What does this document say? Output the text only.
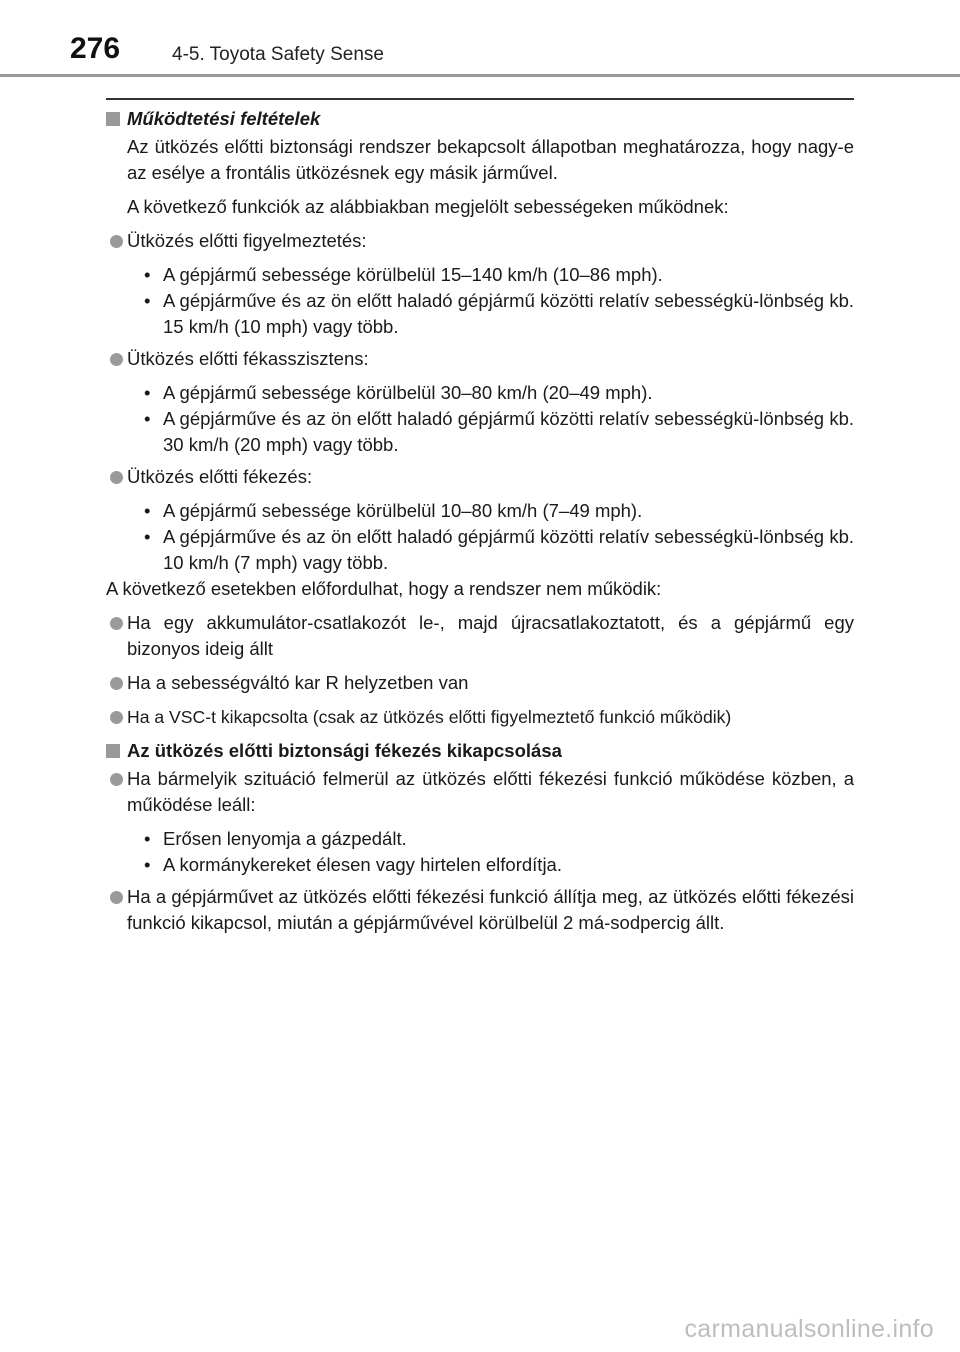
276	4-5. Toyota Safety Sense
Működtetési feltételek
Az ütközés előtti biztonsági rendszer bekapcsolt állapotban meghatározza, hogy nagy-e az esélye a frontális ütközésnek egy másik járművel.
A következő funkciók az alábbiakban megjelölt sebességeken működnek:
Ütközés előtti figyelmeztetés:
• A gépjármű sebessége körülbelül 15–140 km/h (10–86 mph).
• A gépjárműve és az ön előtt haladó gépjármű közötti relatív sebességkü-lönbség kb. 15 km/h (10 mph) vagy több.
Ütközés előtti fékasszisztens:
• A gépjármű sebessége körülbelül 30–80 km/h (20–49 mph).
• A gépjárműve és az ön előtt haladó gépjármű közötti relatív sebességkü-lönbség kb. 30 km/h (20 mph) vagy több.
Ütközés előtti fékezés:
• A gépjármű sebessége körülbelül 10–80 km/h (7–49 mph).
• A gépjárműve és az ön előtt haladó gépjármű közötti relatív sebességkü-lönbség kb. 10 km/h (7 mph) vagy több.
A következő esetekben előfordulhat, hogy a rendszer nem működik:
Ha egy akkumulátor-csatlakozót le-, majd újracsatlakoztatott, és a gépjármű egy bizonyos ideig állt
Ha a sebességváltó kar R helyzetben van
Ha a VSC-t kikapcsolta (csak az ütközés előtti figyelmeztető funkció működik)
Az ütközés előtti biztonsági fékezés kikapcsolása
Ha bármelyik szituáció felmerül az ütközés előtti fékezési funkció működése közben, a működése leáll:
• Erősen lenyomja a gázpedált.
• A kormánykereket élesen vagy hirtelen elfordítja.
Ha a gépjárművet az ütközés előtti fékezési funkció állítja meg, az ütközés előtti fékezési funkció kikapcsol, miután a gépjárművével körülbelül 2 má-sodpercig állt.
carmanualsonline.info
